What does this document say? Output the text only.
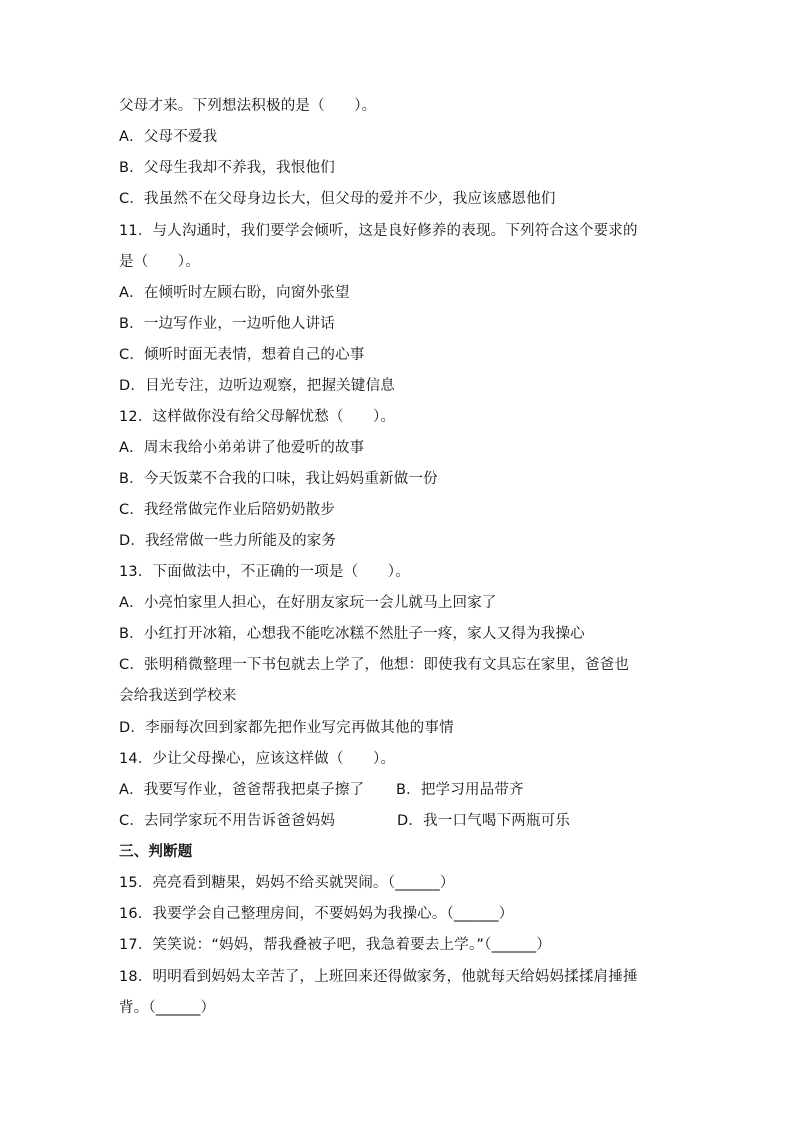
父母才来。下列想法积极的是（　　）。
A．父母不爱我
B．父母生我却不养我，我恨他们
C．我虽然不在父母身边长大，但父母的爱并不少，我应该感恩他们
11．与人沟通时，我们要学会倾听，这是良好修养的表现。下列符合这个要求的
是（　　）。
A．在倾听时左顾右盼，向窗外张望
B．一边写作业，一边听他人讲话
C．倾听时面无表情，想着自己的心事
D．目光专注，边听边观察，把握关键信息
12．这样做你没有给父母解忧愁（　　）。
A．周末我给小弟弟讲了他爱听的故事
B．今天饭菜不合我的口味，我让妈妈重新做一份
C．我经常做完作业后陪奶奶散步
D．我经常做一些力所能及的家务
13．下面做法中，不正确的一项是（　　）。
A．小亮怕家里人担心，在好朋友家玩一会儿就马上回家了
B．小红打开冰箱，心想我不能吃冰糕不然肚子一疼，家人又得为我操心
C．张明稍微整理一下书包就去上学了，他想：即使我有文具忘在家里，爸爸也
会给我送到学校来
D．李丽每次回到家都先把作业写完再做其他的事情
14．少让父母操心，应该这样做（　　）。
A．我要写作业，爸爸帮我把桌子擦了 B．把学习用品带齐
C．去同学家玩不用告诉爸爸妈妈	D．我一口气喝下两瓶可乐
三、判断题
15．亮亮看到糖果，妈妈不给买就哭闹。（______）
16．我要学会自己整理房间，不要妈妈为我操心。（______）
17．笑笑说：“妈妈，帮我叠被子吧，我急着要去上学。”（______）
18．明明看到妈妈太辛苦了，上班回来还得做家务，他就每天给妈妈揉揉肩捶捶
背。（______）
